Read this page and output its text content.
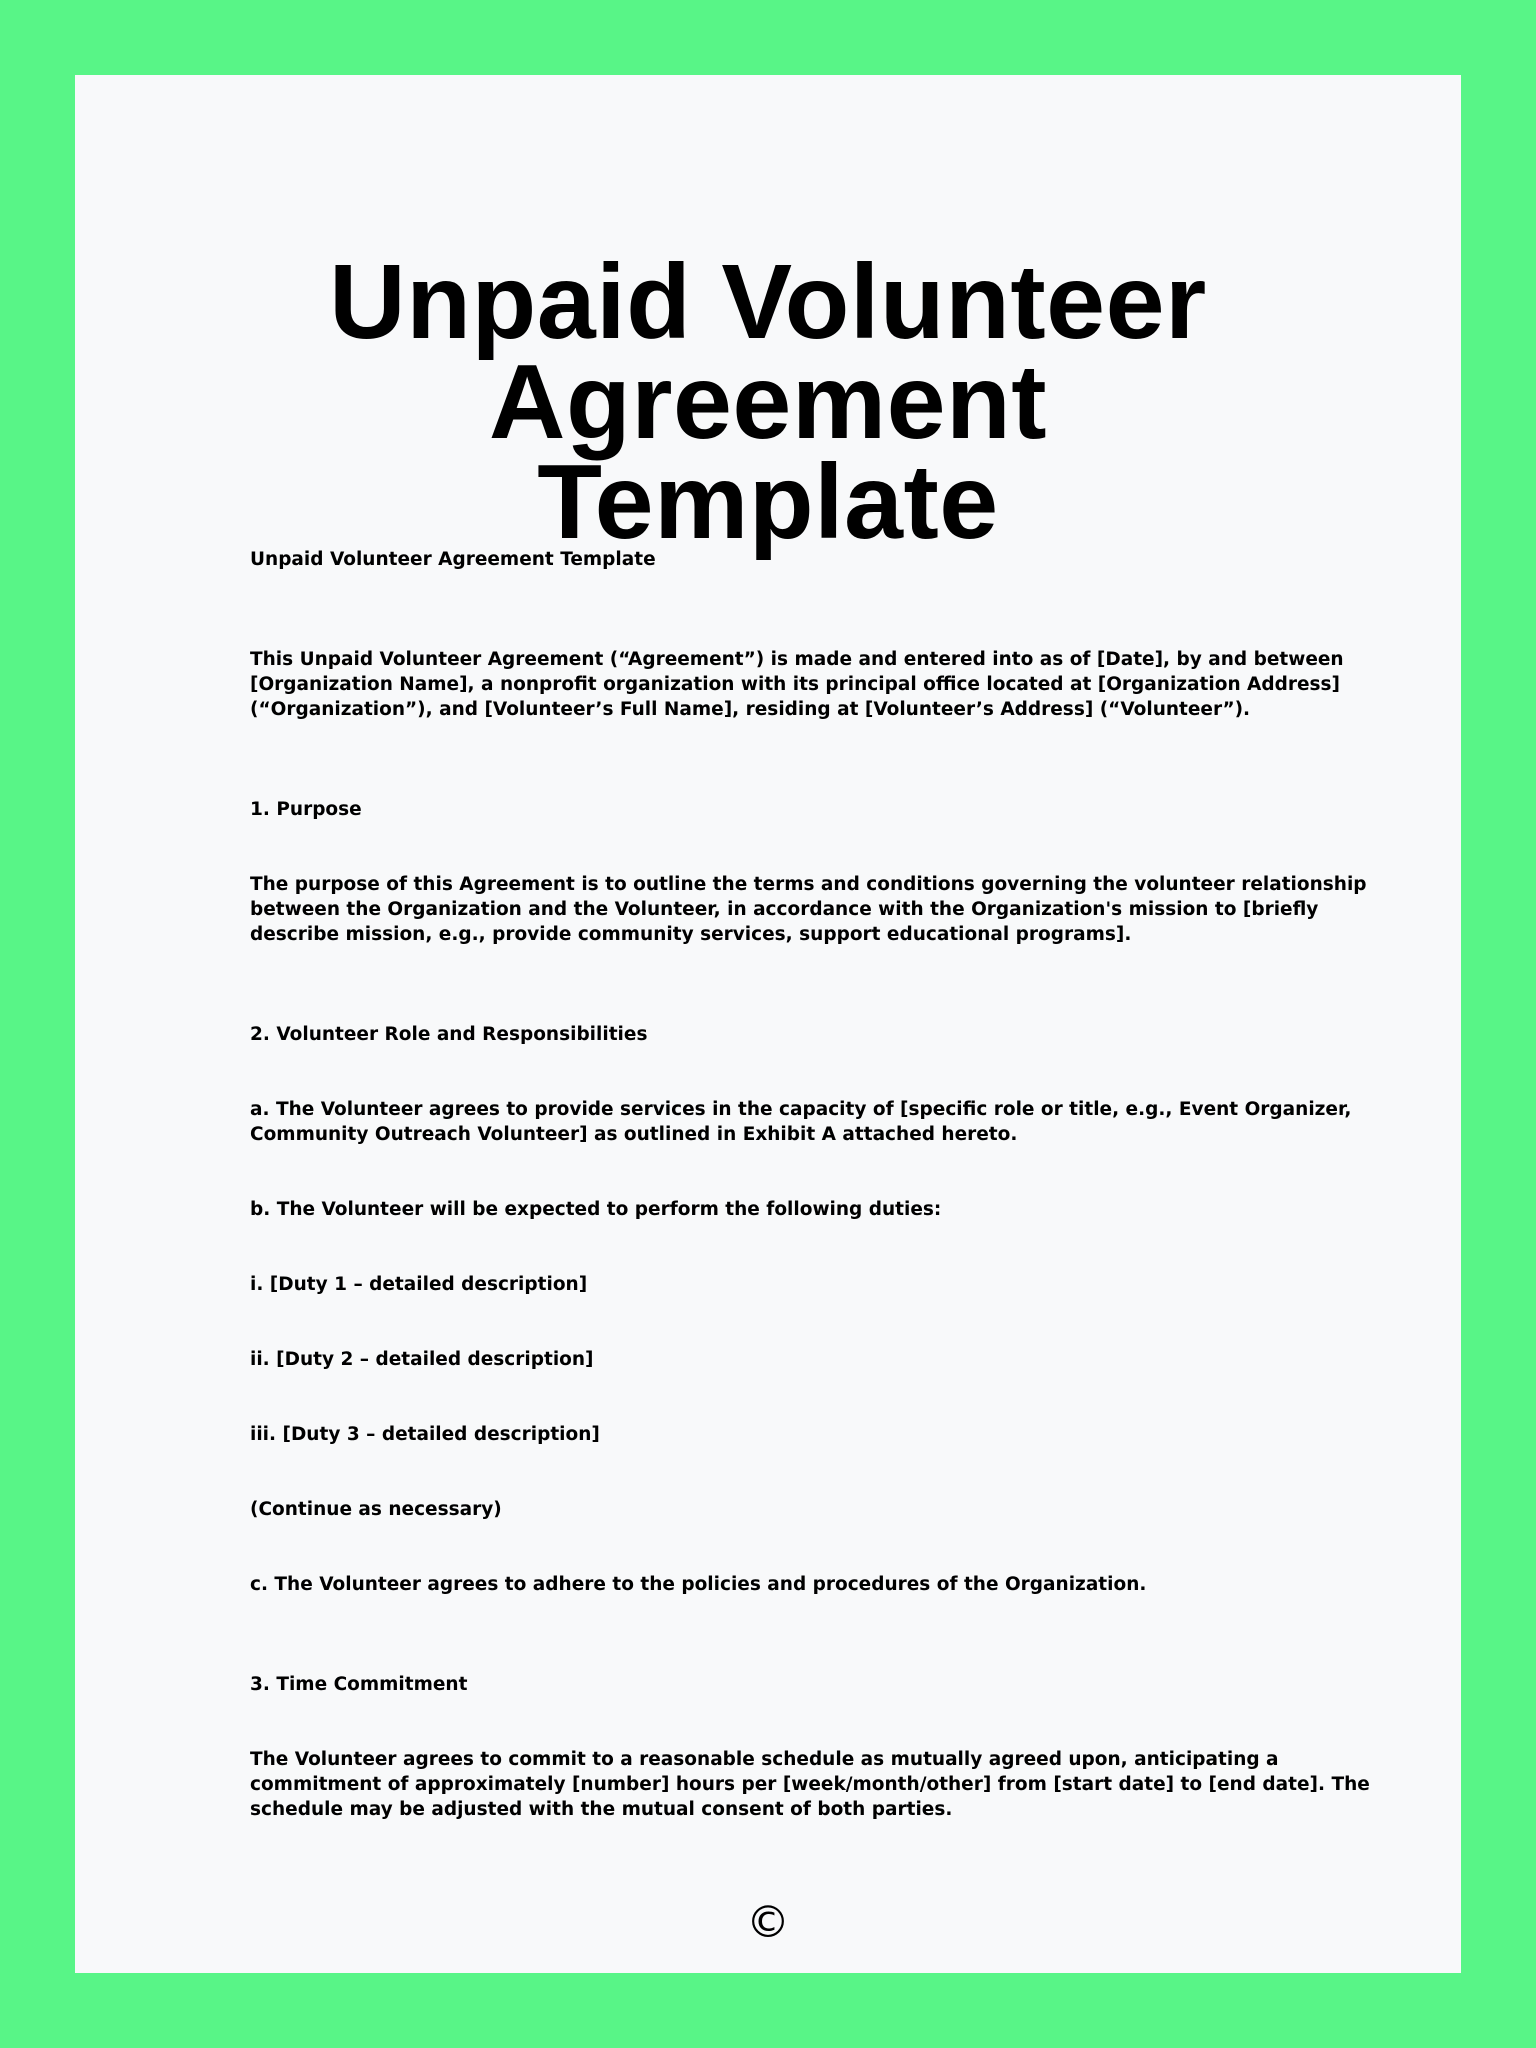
Unpaid Volunteer Agreement
Template

Unpaid Volunteer Agreement Template

This Unpaid Volunteer Agreement (“Agreement”) is made and entered into as of [Date], by and between

[Organization Name], a nonprofit organization with its principal office located at [Organization Address]

(“Organization”), and [Volunteer’s Full Name], residing at [Volunteer’s Address] (“Volunteer”).

1. Purpose

The purpose of this Agreement is to outline the terms and conditions governing the volunteer relationship

between the Organization and the Volunteer, in accordance with the Organization's mission to [briefly

describe mission, e.g., provide community services, support educational programs].

2. Volunteer Role and Responsibilities

a. The Volunteer agrees to provide services in the capacity of [specific role or title, e.g., Event Organizer,

Community Outreach Volunteer] as outlined in Exhibit A attached hereto.

b. The Volunteer will be expected to perform the following duties:

i. [Duty 1 – detailed description]

ii. [Duty 2 – detailed description]

iii. [Duty 3 – detailed description]

(Continue as necessary)

c. The Volunteer agrees to adhere to the policies and procedures of the Organization.

3. Time Commitment

The Volunteer agrees to commit to a reasonable schedule as mutually agreed upon, anticipating a

commitment of approximately [number] hours per [week/month/other] from [start date] to [end date]. The

schedule may be adjusted with the mutual consent of both parties.

©
